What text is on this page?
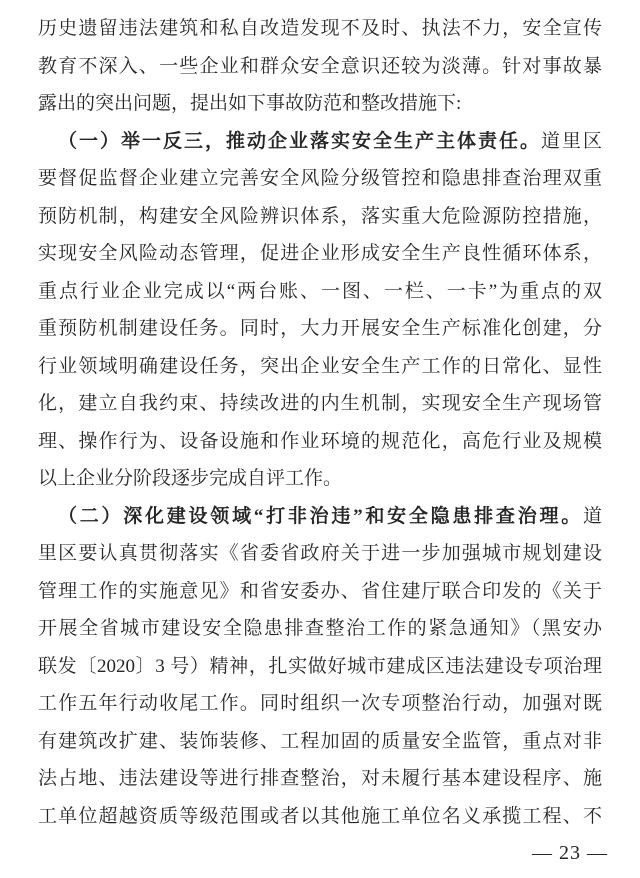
历史遗留违法建筑和私自改造发现不及时、执法不力，安全宣传
教育不深入、一些企业和群众安全意识还较为淡薄。针对事故暴
露出的突出问题，提出如下事故防范和整改措施下:
（一）举一反三，推动企业落实安全生产主体责任。道里区
要督促监督企业建立完善安全风险分级管控和隐患排查治理双重
预防机制，构建安全风险辨识体系，落实重大危险源防控措施，
实现安全风险动态管理，促进企业形成安全生产良性循环体系，
重点行业企业完成以“两台账、一图、一栏、一卡”为重点的双
重预防机制建设任务。同时，大力开展安全生产标准化创建，分
行业领域明确建设任务，突出企业安全生产工作的日常化、显性
化，建立自我约束、持续改进的内生机制，实现安全生产现场管
理、操作行为、设备设施和作业环境的规范化，高危行业及规模
以上企业分阶段逐步完成自评工作。
（二）深化建设领域“打非治违”和安全隐患排查治理。道
里区要认真贯彻落实《省委省政府关于进一步加强城市规划建设
管理工作的实施意见》和省安委办、省住建厅联合印发的《关于
开展全省城市建设安全隐患排查整治工作的紧急通知》（黑安办
联发〔2020〕3 号）精神，扎实做好城市建成区违法建设专项治理
工作五年行动收尾工作。同时组织一次专项整治行动，加强对既
有建筑改扩建、装饰装修、工程加固的质量安全监管，重点对非
法占地、违法建设等进行排查整治，对未履行基本建设程序、施
工单位超越资质等级范围或者以其他施工单位名义承揽工程、不
— 23 —
